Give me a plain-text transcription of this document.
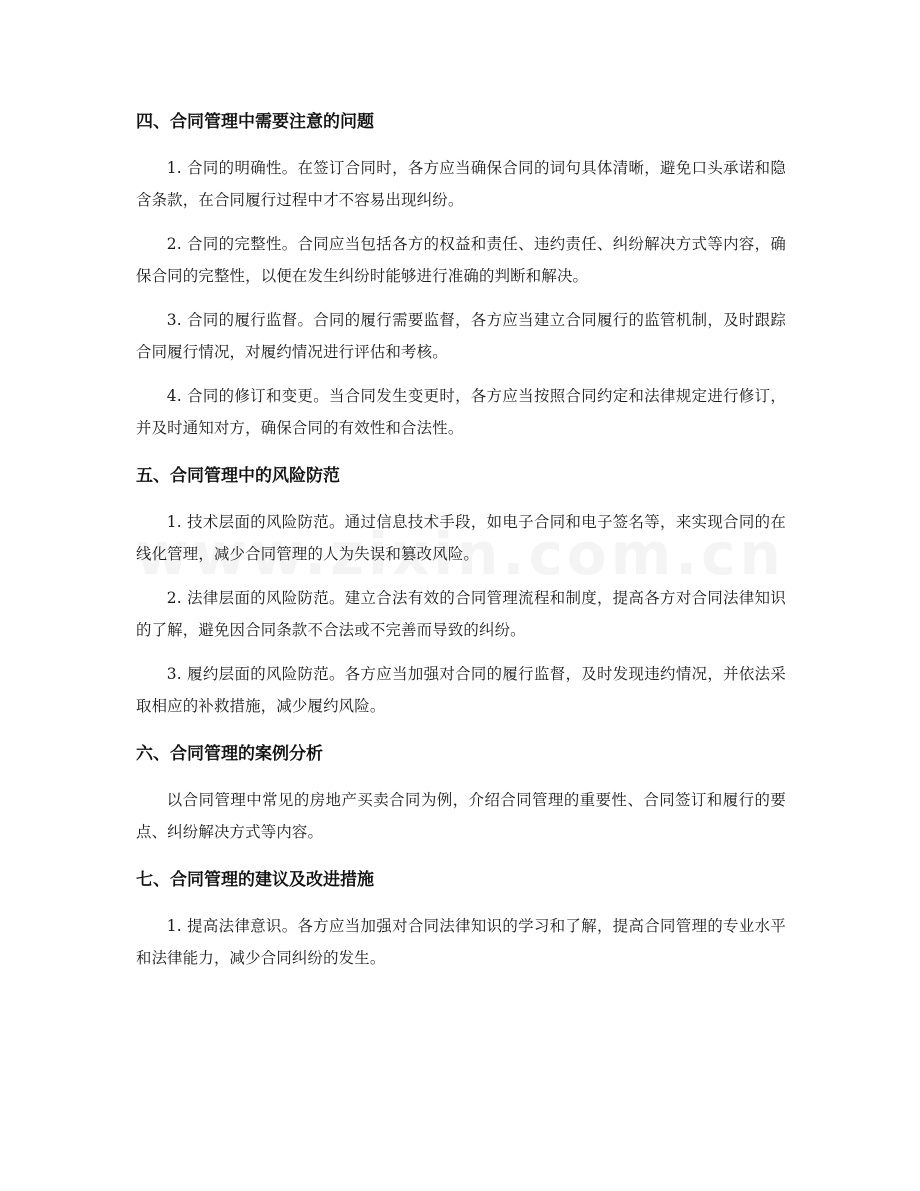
四、合同管理中需要注意的问题

1. 合同的明确性。在签订合同时，各方应当确保合同的词句具体清晰，避免口头承诺和隐含条款，在合同履行过程中才不容易出现纠纷。

2. 合同的完整性。合同应当包括各方的权益和责任、违约责任、纠纷解决方式等内容，确保合同的完整性，以便在发生纠纷时能够进行准确的判断和解决。

3. 合同的履行监督。合同的履行需要监督，各方应当建立合同履行的监管机制，及时跟踪合同履行情况，对履约情况进行评估和考核。

4. 合同的修订和变更。当合同发生变更时，各方应当按照合同约定和法律规定进行修订，并及时通知对方，确保合同的有效性和合法性。

五、合同管理中的风险防范

1. 技术层面的风险防范。通过信息技术手段，如电子合同和电子签名等，来实现合同的在线化管理，减少合同管理的人为失误和篡改风险。

2. 法律层面的风险防范。建立合法有效的合同管理流程和制度，提高各方对合同法律知识的了解，避免因合同条款不合法或不完善而导致的纠纷。

3. 履约层面的风险防范。各方应当加强对合同的履行监督，及时发现违约情况，并依法采取相应的补救措施，减少履约风险。

六、合同管理的案例分析

以合同管理中常见的房地产买卖合同为例，介绍合同管理的重要性、合同签订和履行的要点、纠纷解决方式等内容。

七、合同管理的建议及改进措施

1. 提高法律意识。各方应当加强对合同法律知识的学习和了解，提高合同管理的专业水平和法律能力，减少合同纠纷的发生。
